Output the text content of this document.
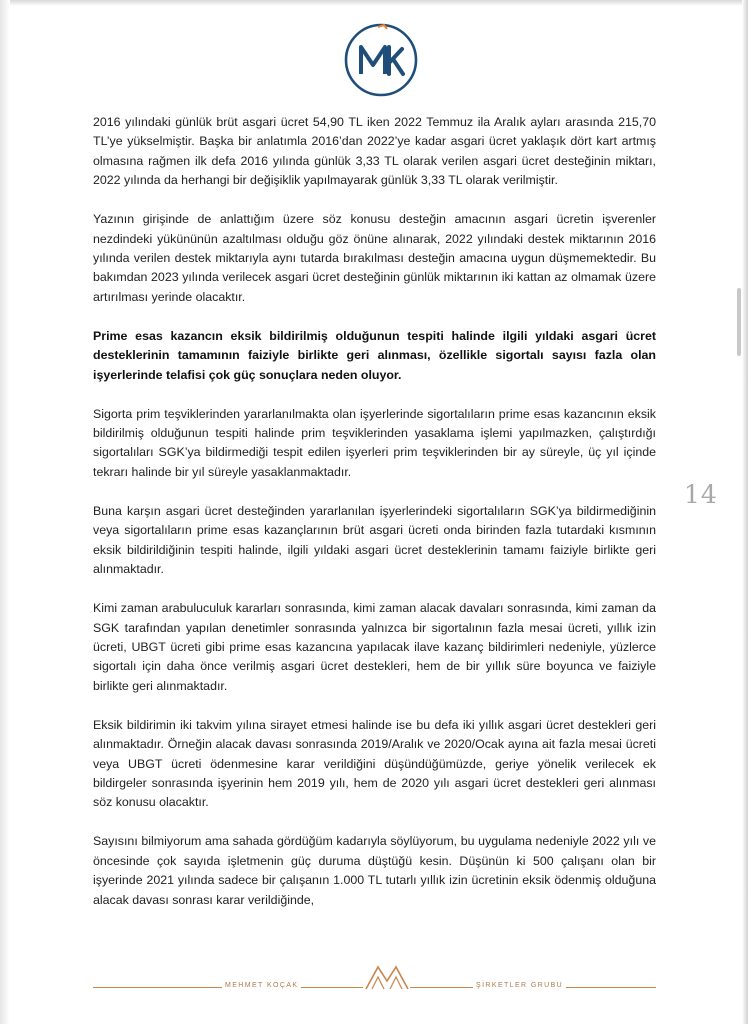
2016 yılındaki günlük brüt asgari ücret 54,90 TL iken 2022 Temmuz ila Aralık ayları arasında 215,70 TL’ye yükselmiştir. Başka bir anlatımla 2016’dan 2022’ye kadar asgari ücret yaklaşık dört kart artmış olmasına rağmen ilk defa 2016 yılında günlük 3,33 TL olarak verilen asgari ücret desteğinin miktarı, 2022 yılında da herhangi bir değişiklik yapılmayarak günlük 3,33 TL olarak verilmiştir.

Yazının girişinde de anlattığım üzere söz konusu desteğin amacının asgari ücretin işverenler nezdindeki yükününün azaltılması olduğu göz önüne alınarak, 2022 yılındaki destek miktarının 2016 yılında verilen destek miktarıyla aynı tutarda bırakılması desteğin amacına uygun düşmemektedir. Bu bakımdan 2023 yılında verilecek asgari ücret desteğinin günlük miktarının iki kattan az olmamak üzere artırılması yerinde olacaktır.

Prime esas kazancın eksik bildirilmiş olduğunun tespiti halinde ilgili yıldaki asgari ücret desteklerinin tamamının faiziyle birlikte geri alınması, özellikle sigortalı sayısı fazla olan işyerlerinde telafisi çok güç sonuçlara neden oluyor.

Sigorta prim teşviklerinden yararlanılmakta olan işyerlerinde sigortalıların prime esas kazancının eksik bildirilmiş olduğunun tespiti halinde prim teşviklerinden yasaklama işlemi yapılmazken, çalıştırdığı sigortalıları SGK’ya bildirmediği tespit edilen işyerleri prim teşviklerinden bir ay süreyle, üç yıl içinde tekrarı halinde bir yıl süreyle yasaklanmaktadır.

Buna karşın asgari ücret desteğinden yararlanılan işyerlerindeki sigortalıların SGK’ya bildirmediğinin veya sigortalıların prime esas kazançlarının brüt asgari ücreti onda birinden fazla tutardaki kısmının eksik bildirildiğinin tespiti halinde, ilgili yıldaki asgari ücret desteklerinin tamamı faiziyle birlikte geri alınmaktadır.

Kimi zaman arabuluculuk kararları sonrasında, kimi zaman alacak davaları sonrasında, kimi zaman da SGK tarafından yapılan denetimler sonrasında yalnızca bir sigortalının fazla mesai ücreti, yıllık izin ücreti, UBGT ücreti gibi prime esas kazancına yapılacak ilave kazanç bildirimleri nedeniyle, yüzlerce sigortalı için daha önce verilmiş asgari ücret destekleri, hem de bir yıllık süre boyunca ve faiziyle birlikte geri alınmaktadır.

Eksik bildirimin iki takvim yılına sirayet etmesi halinde ise bu defa iki yıllık asgari ücret destekleri geri alınmaktadır. Örneğin alacak davası sonrasında 2019/Aralık ve 2020/Ocak ayına ait fazla mesai ücreti veya UBGT ücreti ödenmesine karar verildiğini düşündüğümüzde, geriye yönelik verilecek ek bildirgeler sonrasında işyerinin hem 2019 yılı, hem de 2020 yılı asgari ücret destekleri geri alınması söz konusu olacaktır.

Sayısını bilmiyorum ama sahada gördüğüm kadarıyla söylüyorum, bu uygulama nedeniyle 2022 yılı ve öncesinde çok sayıda işletmenin güç duruma düştüğü kesin. Düşünün ki 500 çalışanı olan bir işyerinde 2021 yılında sadece bir çalışanın 1.000 TL tutarlı yıllık izin ücretinin eksik ödenmiş olduğuna alacak davası sonrası karar verildiğinde,

14
MEHMET KOÇAK	ŞİRKETLER GRUBU
